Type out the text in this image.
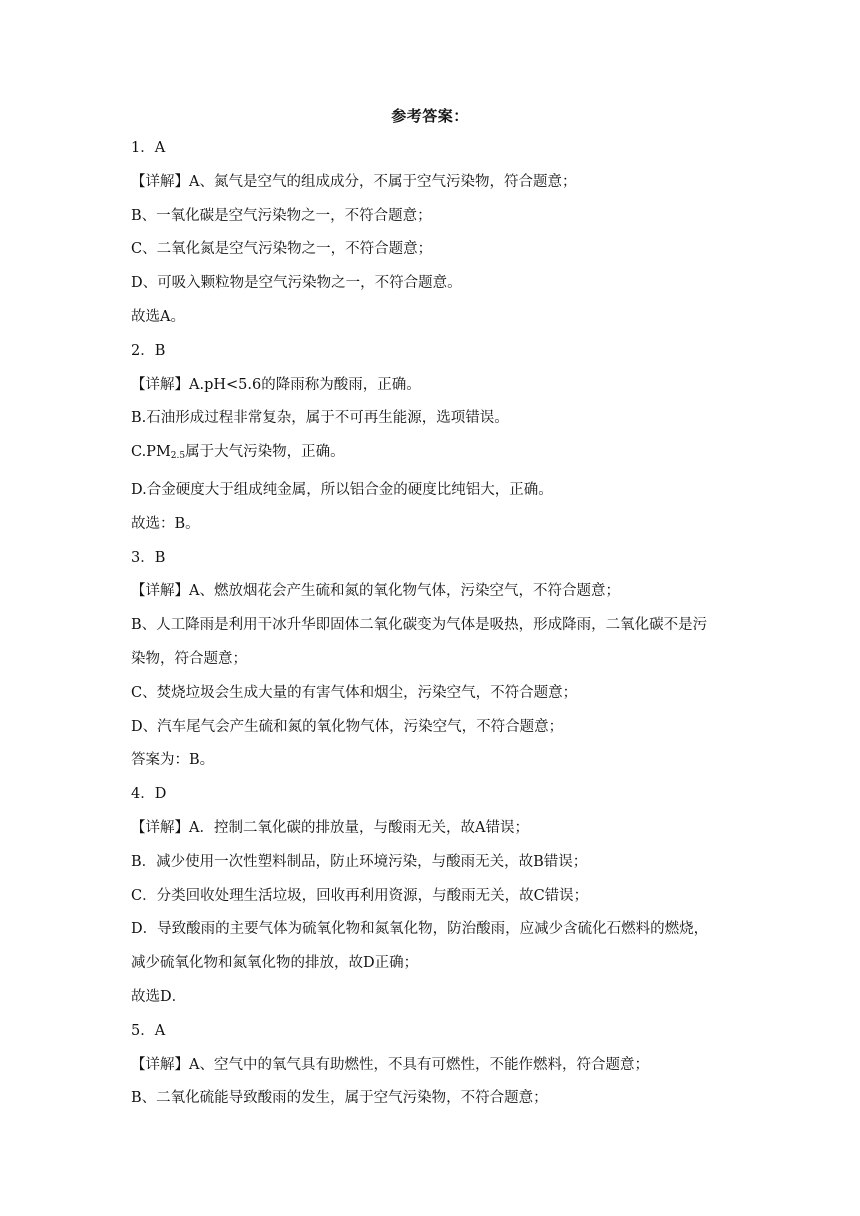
参考答案：

1．A

【详解】A、氮气是空气的组成成分，不属于空气污染物，符合题意；

B、一氧化碳是空气污染物之一，不符合题意；

C、二氧化氮是空气污染物之一，不符合题意；

D、可吸入颗粒物是空气污染物之一，不符合题意。

故选A。

2．B

【详解】A.pH<5.6的降雨称为酸雨，正确。

B.石油形成过程非常复杂，属于不可再生能源，选项错误。

$C.PM_{2.5}$属于大气污染物，正确。

D.合金硬度大于组成纯金属，所以铝合金的硬度比纯铝大，正确。

故选：B。

3．B

【详解】A、燃放烟花会产生硫和氮的氧化物气体，污染空气，不符合题意；

B、人工降雨是利用干冰升华即固体二氧化碳变为气体是吸热，形成降雨，二氧化碳不是污

染物，符合题意；

C、焚烧垃圾会生成大量的有害气体和烟尘，污染空气，不符合题意；

D、汽车尾气会产生硫和氮的氧化物气体，污染空气，不符合题意；

答案为：B。

4．D

【详解】A．控制二氧化碳的排放量，与酸雨无关，故A错误；

B．减少使用一次性塑料制品，防止环境污染，与酸雨无关，故B错误；

C．分类回收处理生活垃圾，回收再利用资源，与酸雨无关，故C错误；

D．导致酸雨的主要气体为硫氧化物和氮氧化物，防治酸雨，应减少含硫化石燃料的燃烧，

减少硫氧化物和氮氧化物的排放，故D正确；

故选D．

5．A

【详解】A、空气中的氧气具有助燃性，不具有可燃性，不能作燃料，符合题意；

B、二氧化硫能导致酸雨的发生，属于空气污染物，不符合题意；
